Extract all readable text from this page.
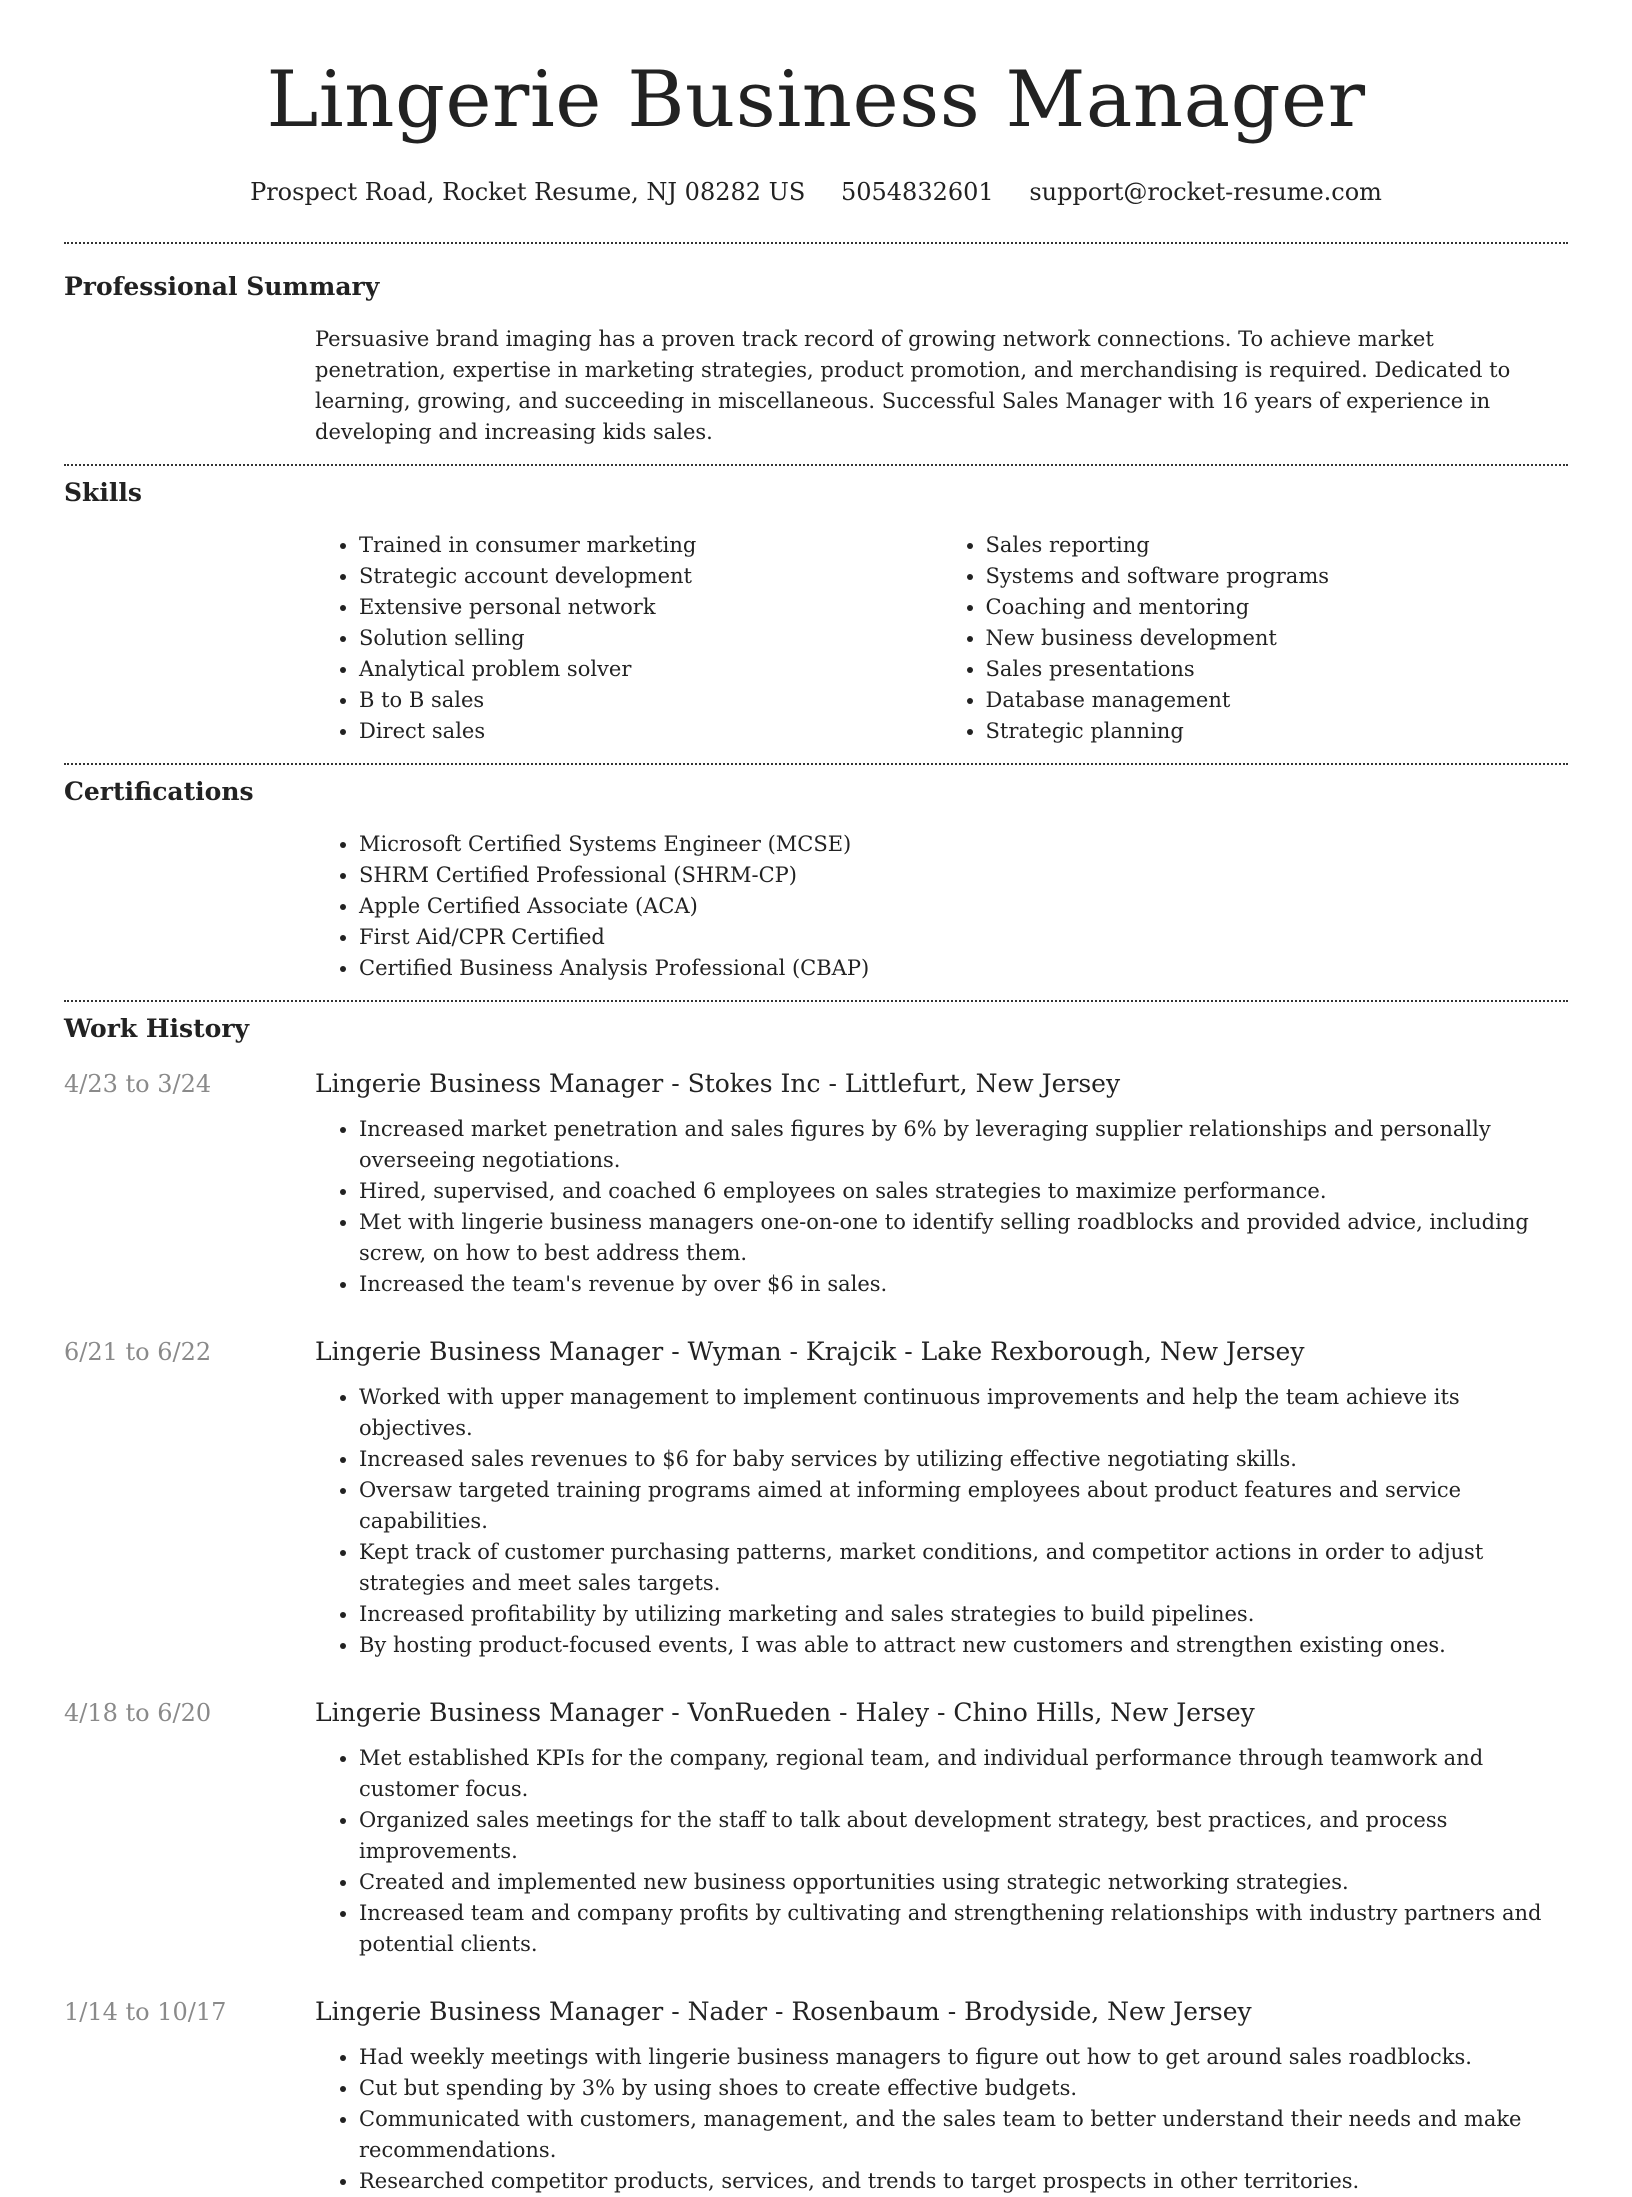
Lingerie Business Manager
Prospect Road, Rocket Resume, NJ 08282 US 5054832601 support@rocket-resume.com
Professional Summary
Persuasive brand imaging has a proven track record of growing network connections. To achieve market penetration, expertise in marketing strategies, product promotion, and merchandising is required. Dedicated to learning, growing, and succeeding in miscellaneous. Successful Sales Manager with 16 years of experience in developing and increasing kids sales.
Skills
• Trained in consumer marketing
• Strategic account development
• Extensive personal network
• Solution selling
• Analytical problem solver
• B to B sales
• Direct sales
• Sales reporting
• Systems and software programs
• Coaching and mentoring
• New business development
• Sales presentations
• Database management
• Strategic planning
Certifications
• Microsoft Certified Systems Engineer (MCSE)
• SHRM Certified Professional (SHRM-CP)
• Apple Certified Associate (ACA)
• First Aid/CPR Certified
• Certified Business Analysis Professional (CBAP)
Work History
4/23 to 3/24	Lingerie Business Manager - Stokes Inc - Littlefurt, New Jersey
• Increased market penetration and sales figures by 6% by leveraging supplier relationships and personally overseeing negotiations.
• Hired, supervised, and coached 6 employees on sales strategies to maximize performance.
• Met with lingerie business managers one-on-one to identify selling roadblocks and provided advice, including screw, on how to best address them.
• Increased the team's revenue by over $6 in sales.
6/21 to 6/22	Lingerie Business Manager - Wyman - Krajcik - Lake Rexborough, New Jersey
• Worked with upper management to implement continuous improvements and help the team achieve its objectives.
• Increased sales revenues to $6 for baby services by utilizing effective negotiating skills.
• Oversaw targeted training programs aimed at informing employees about product features and service capabilities.
• Kept track of customer purchasing patterns, market conditions, and competitor actions in order to adjust strategies and meet sales targets.
• Increased profitability by utilizing marketing and sales strategies to build pipelines.
• By hosting product-focused events, I was able to attract new customers and strengthen existing ones.
4/18 to 6/20	Lingerie Business Manager - VonRueden - Haley - Chino Hills, New Jersey
• Met established KPIs for the company, regional team, and individual performance through teamwork and customer focus.
• Organized sales meetings for the staff to talk about development strategy, best practices, and process improvements.
• Created and implemented new business opportunities using strategic networking strategies.
• Increased team and company profits by cultivating and strengthening relationships with industry partners and potential clients.
1/14 to 10/17	Lingerie Business Manager - Nader - Rosenbaum - Brodyside, New Jersey
• Had weekly meetings with lingerie business managers to figure out how to get around sales roadblocks.
• Cut but spending by 3% by using shoes to create effective budgets.
• Communicated with customers, management, and the sales team to better understand their needs and make recommendations.
• Researched competitor products, services, and trends to target prospects in other territories.
